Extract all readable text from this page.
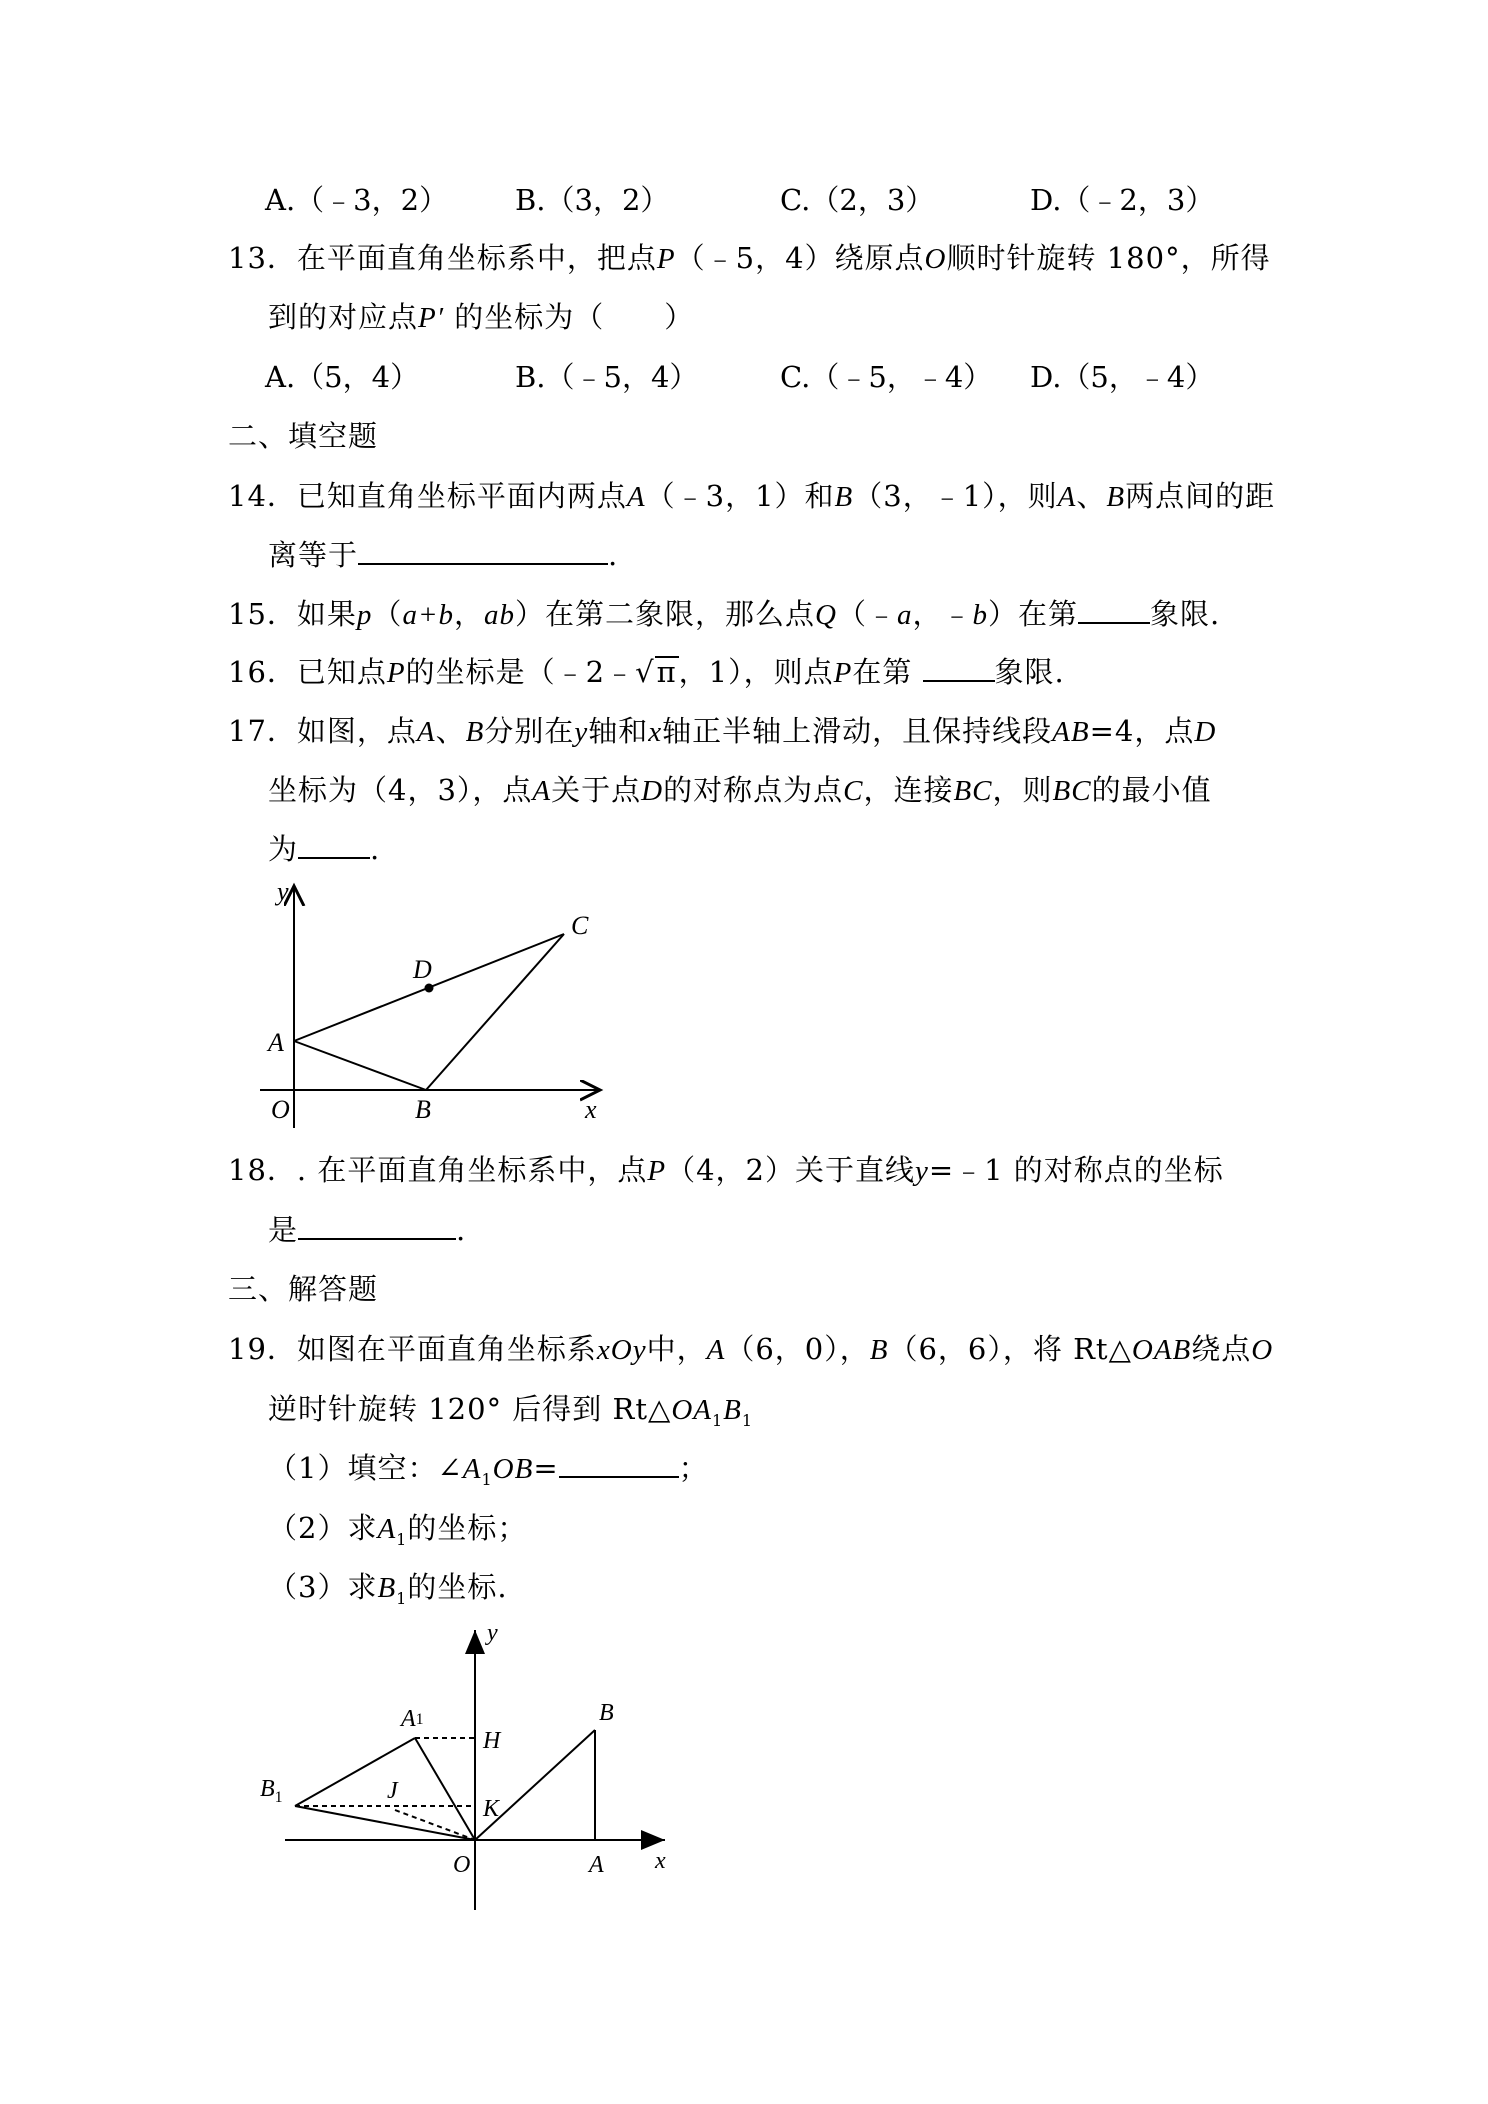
A.（﹣3，2） B.（3，2）	C.（2，3）	D.（﹣2，3）
13．在平面直角坐标系中，把点P（﹣5，4）绕原点O顺时针旋转 180°，所得
到的对应点P′ 的坐标为（　　）
A.（5，4）	B.（﹣5，4）	C.（﹣5，﹣4） D.（5，﹣4）
二、填空题
14．已知直角坐标平面内两点A（﹣3，1）和B（3，﹣1），则A、B两点间的距
离等于	.
15．如果p（a+b，ab）在第二象限，那么点Q（﹣a，﹣b）在第 象限.
16．已知点P的坐标是（﹣2﹣√π，1），则点P在第	象限.
17．如图，点A、B分别在y轴和x轴正半轴上滑动，且保持线段AB=4，点D
坐标为（4，3），点A关于点D的对称点为点C，连接BC，则BC的最小值
为 .
y
x
O
A
B
C
D
18．. 在平面直角坐标系中，点P（4，2）关于直线y=﹣1 的对称点的坐标
是	.
三、解答题
19．如图在平面直角坐标系xOy中，A（6，0），B（6，6），将 Rt△OAB绕点O
逆时针旋转 120° 后得到 $Rt\triangle OA_1B_1$
（1）填空：$\angle A_1OB=$	；
（2）求$A_1$的坐标；
（3）求$B_1$的坐标.
y
x
O	A
B
A1
$B_1$
H
J
K
